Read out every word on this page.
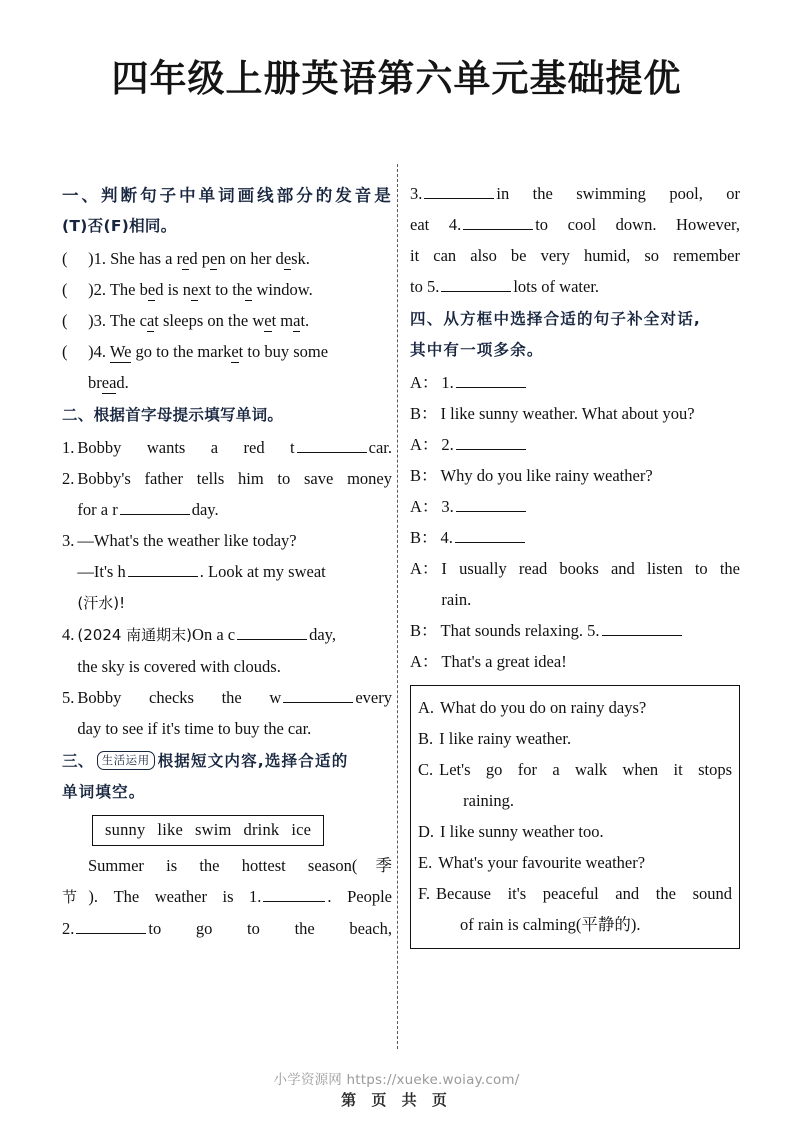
四年级上册英语第六单元基础提优
一、判断句子中单词画线部分的发音是
(T)否(F)相同。
(     )1. She has a red pen on her desk.
(     )2. The bed is next to the window.
(     )3. The cat sleeps on the wet mat.
(     )4. We go to the market to buy some
bread.
二、根据首字母提示填写单词。
1. Bobby wants a red t	car.
2. Bobby's father tells him to save money
for a r	day.
3. —What's the weather like today?
—It's h	. Look at my sweat
(汗水)!
4. (2024 南通期末)On a c	day,
the sky is covered with clouds.
5. Bobby checks the w	every
day to see if it's time to buy the car.
三、 生活运用 根据短文内容,选择合适的
单词填空。
sunny like swim drink ice
Summer is the hottest season(季
节). The weather is 1.	. People
2.	to go to the beach,
3.	in the swimming pool, or
eat 4.	to cool down. However,
it can also be very humid, so remember
to 5.	lots of water.
四、从方框中选择合适的句子补全对话,
其中有一项多余。
A： 1.
B： I like sunny weather. What about you?
A： 2.
B： Why do you like rainy weather?
A： 3.
B： 4.
A： I usually read books and listen to the
rain.
B： That sounds relaxing. 5.
A： That's a great idea!
A. What do you do on rainy days?
B. I like rainy weather.
C. Let's go for a walk when it stops
raining.
D. I like sunny weather too.
E. What's your favourite weather?
F. Because it's peaceful and the sound
of rain is calming(平静的).
小学资源网 https://xueke.woiay.com/
第 页 共 页
